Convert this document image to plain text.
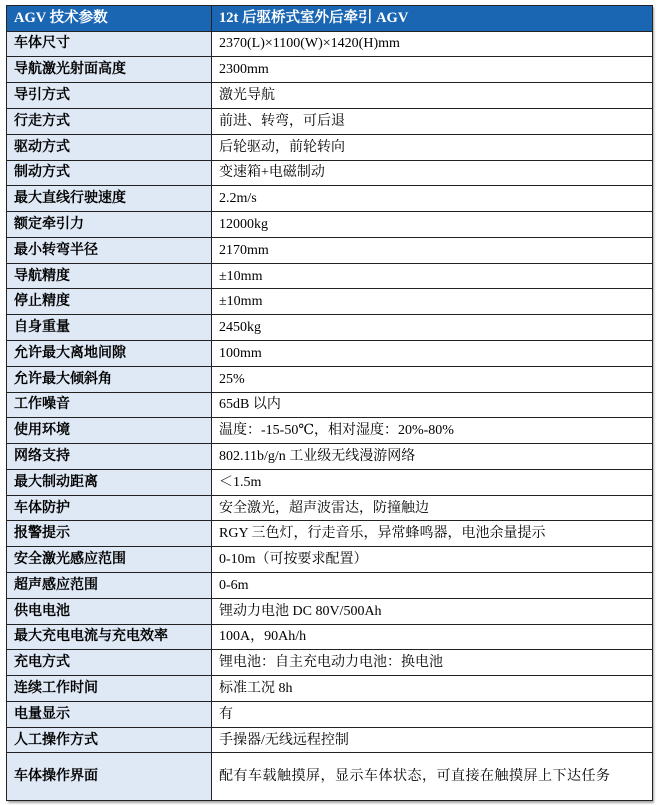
AGV 技术参数	12t 后驱桥式室外后牵引 AGV
车体尺寸	2370(L)×1100(W)×1420(H)mm
导航激光射面高度	2300mm
导引方式	激光导航
行走方式	前进、转弯，可后退
驱动方式	后轮驱动，前轮转向
制动方式	变速箱+电磁制动
最大直线行驶速度	2.2m/s
额定牵引力	12000kg
最小转弯半径	2170mm
导航精度	±10mm
停止精度	±10mm
自身重量	2450kg
允许最大离地间隙	100mm
允许最大倾斜角	25%
工作噪音	65dB 以内
使用环境	温度：-15-50℃，相对湿度：20%-80%
网络支持	802.11b/g/n 工业级无线漫游网络
最大制动距离	＜1.5m
车体防护	安全激光，超声波雷达，防撞触边
报警提示	RGY 三色灯，行走音乐，异常蜂鸣器，电池余量提示
安全激光感应范围	0-10m（可按要求配置）
超声感应范围	0-6m
供电电池	锂动力电池 DC 80V/500Ah
最大充电电流与充电效率	100A，90Ah/h
充电方式	锂电池：自主充电动力电池：换电池
连续工作时间	标准工况 8h
电量显示	有
人工操作方式	手操器/无线远程控制
车体操作界面	配有车载触摸屏，显示车体状态，可直接在触摸屏上下达任务
